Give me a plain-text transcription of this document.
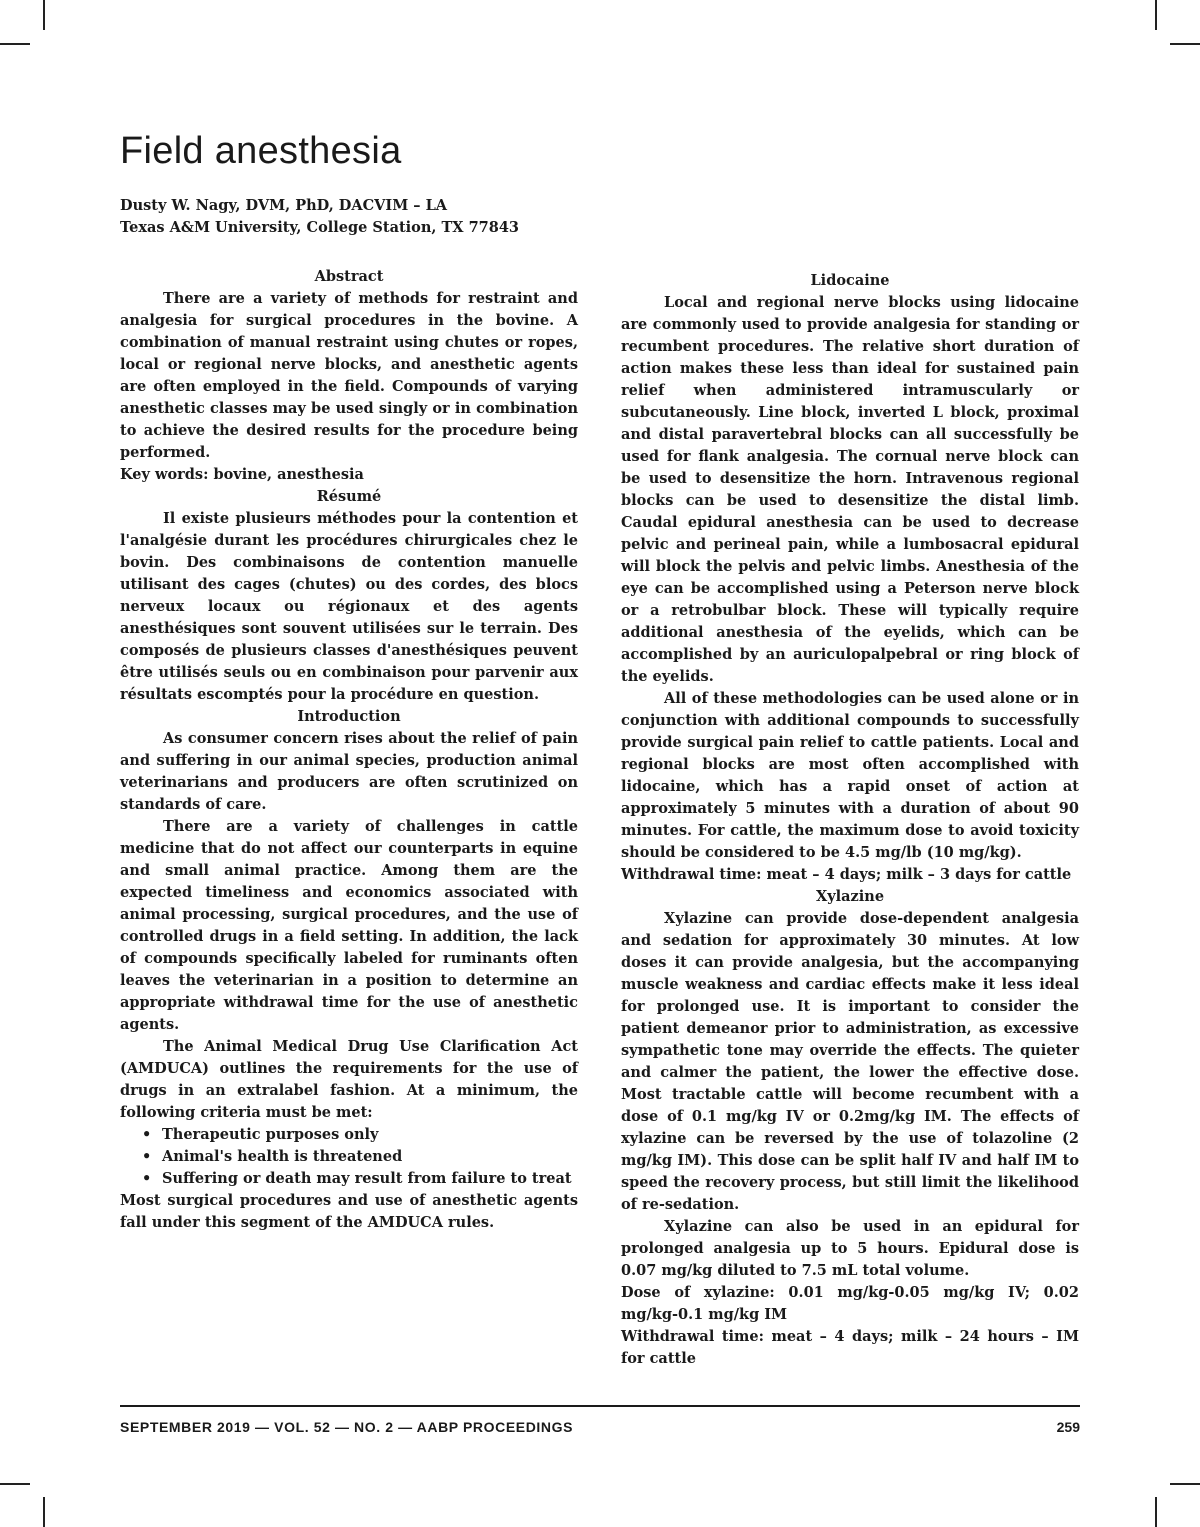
Field anesthesia
Dusty W. Nagy, DVM, PhD, DACVIM – LA
Texas A&M University, College Station, TX 77843
Abstract

There are a variety of methods for restraint and analgesia for surgical procedures in the bovine. A combination of manual restraint using chutes or ropes, local or regional nerve blocks, and anesthetic agents are often employed in the field. Compounds of varying anesthetic classes may be used singly or in combination to achieve the desired results for the procedure being performed.

Key words: bovine, anesthesia

Résumé

Il existe plusieurs méthodes pour la contention et l'analgésie durant les procédures chirurgicales chez le bovin. Des combinaisons de contention manuelle utilisant des cages (chutes) ou des cordes, des blocs nerveux locaux ou régionaux et des agents anesthésiques sont souvent utilisées sur le terrain. Des composés de plusieurs classes d'anesthésiques peuvent être utilisés seuls ou en combinaison pour parvenir aux résultats escomptés pour la procédure en question.

Introduction

As consumer concern rises about the relief of pain and suffering in our animal species, production animal veterinarians and producers are often scrutinized on standards of care.

There are a variety of challenges in cattle medicine that do not affect our counterparts in equine and small animal practice. Among them are the expected timeliness and economics associated with animal processing, surgical procedures, and the use of controlled drugs in a field setting. In addition, the lack of compounds specifically labeled for ruminants often leaves the veterinarian in a position to determine an appropriate withdrawal time for the use of anesthetic agents.

The Animal Medical Drug Use Clarification Act (AMDUCA) outlines the requirements for the use of drugs in an extralabel fashion. At a minimum, the following criteria must be met:

• Therapeutic purposes only
• Animal's health is threatened
• Suffering or death may result from failure to treat

Most surgical procedures and use of anesthetic agents fall under this segment of the AMDUCA rules.

Lidocaine

Local and regional nerve blocks using lidocaine are commonly used to provide analgesia for standing or recumbent procedures. The relative short duration of action makes these less than ideal for sustained pain relief when administered intramuscularly or subcutaneously. Line block, inverted L block, proximal and distal paravertebral blocks can all successfully be used for flank analgesia. The cornual nerve block can be used to desensitize the horn. Intravenous regional blocks can be used to desensitize the distal limb. Caudal epidural anesthesia can be used to decrease pelvic and perineal pain, while a lumbosacral epidural will block the pelvis and pelvic limbs. Anesthesia of the eye can be accomplished using a Peterson nerve block or a retrobulbar block. These will typically require additional anesthesia of the eyelids, which can be accomplished by an auriculopalpebral or ring block of the eyelids.

All of these methodologies can be used alone or in conjunction with additional compounds to successfully provide surgical pain relief to cattle patients. Local and regional blocks are most often accomplished with lidocaine, which has a rapid onset of action at approximately 5 minutes with a duration of about 90 minutes. For cattle, the maximum dose to avoid toxicity should be considered to be 4.5 mg/lb (10 mg/kg).

Withdrawal time: meat – 4 days; milk – 3 days for cattle

Xylazine

Xylazine can provide dose-dependent analgesia and sedation for approximately 30 minutes. At low doses it can provide analgesia, but the accompanying muscle weakness and cardiac effects make it less ideal for prolonged use. It is important to consider the patient demeanor prior to administration, as excessive sympathetic tone may override the effects. The quieter and calmer the patient, the lower the effective dose. Most tractable cattle will become recumbent with a dose of 0.1 mg/kg IV or 0.2mg/kg IM. The effects of xylazine can be reversed by the use of tolazoline (2 mg/kg IM). This dose can be split half IV and half IM to speed the recovery process, but still limit the likelihood of re-sedation.

Xylazine can also be used in an epidural for prolonged analgesia up to 5 hours. Epidural dose is 0.07 mg/kg diluted to 7.5 mL total volume.

Dose of xylazine: 0.01 mg/kg-0.05 mg/kg IV; 0.02 mg/kg-0.1 mg/kg IM

Withdrawal time: meat – 4 days; milk – 24 hours – IM for cattle

SEPTEMBER 2019 — VOL. 52 — NO. 2 — AABP PROCEEDINGS	259
